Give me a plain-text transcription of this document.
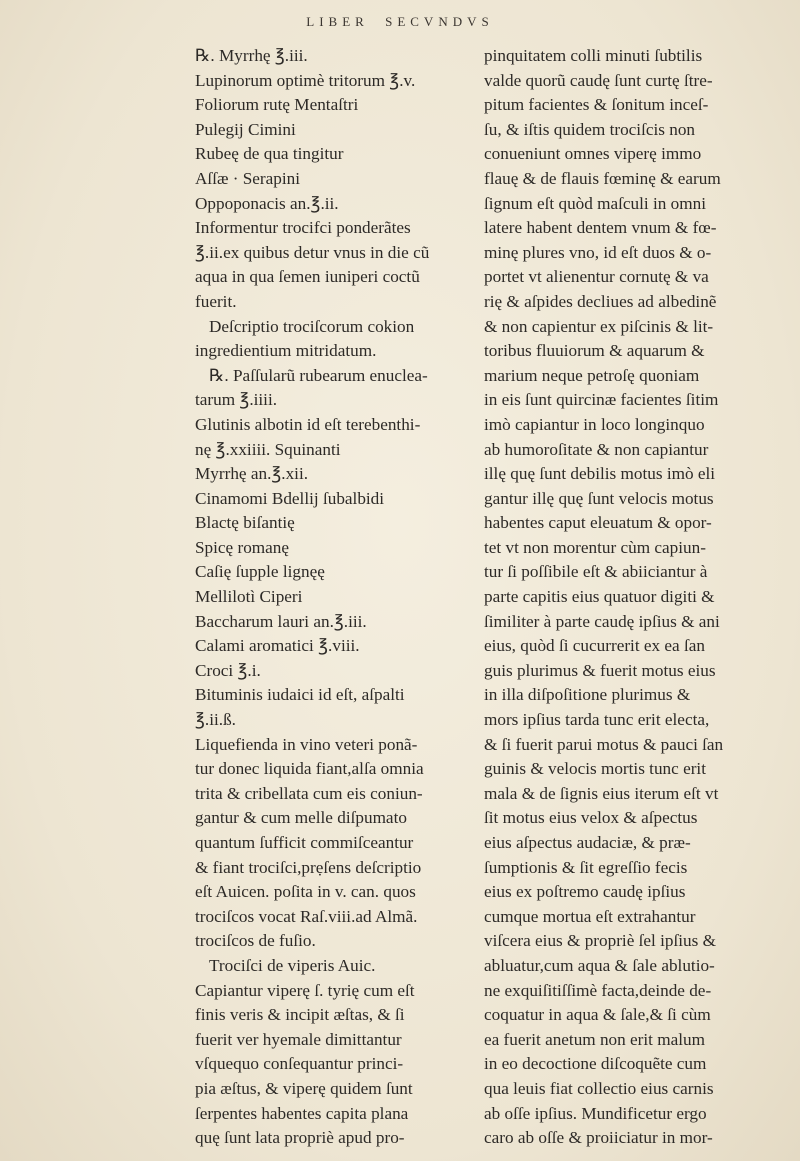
LIBER SECVNDVS
℞. Myrrhę ℥.iii.
Lupinorum optimè tritorum ℥.v.
Foliorum rutę Mentaſtri
Pulegij Cimini
Rubeę de qua tingitur
Aſſæ · Serapini
Oppoponacis an.℥.ii.
Informentur trocifci ponderãtes
℥.ii.ex quibus detur vnus in die cũ
aqua in qua ſemen iuniperi coctũ
fuerit.
Deſcriptio trociſcorum cokion
ingredientium mitridatum.
℞. Paſſularũ rubearum enuclea-
tarum ℥.iiii.
Glutinis albotin id eſt terebenthi-
nę ℥.xxiiii. Squinanti
Myrrhę an.℥.xii.
Cinamomi Bdellij ſubalbidi
Blactę biſantię
Spicę romanę
Caſię ſupple lignęę
Mellilotì Ciperi
Baccharum lauri an.℥.iii.
Calami aromatici ℥.viii.
Croci ℥.i.
Bituminis iudaici id eſt, aſpalti
℥.ii.ß.
Liquefienda in vino veteri ponã-
tur donec liquida fiant,alſa omnia
trita & cribellata cum eis coniun-
gantur & cum melle diſpumato
quantum ſufficit commiſceantur
& fiant trociſci,prẹſens deſcriptio
eſt Auicen. poſita in v. can. quos
trociſcos vocat Raſ.viii.ad Almã.
trociſcos de fuſio.
Trociſci de viperis Auic.
Capiantur viperę ſ. tyrię cum eſt
finis veris & incipit æſtas, & ſi
fuerit ver hyemale dimittantur
vſquequo conſequantur princi-
pia æſtus, & viperę quidem ſunt
ſerpentes habentes capita plana
quę ſunt lata propriè apud pro-
pinquitatem colli minuti ſubtilis
valde quorũ caudę ſunt curtę ſtre-
pitum facientes & ſonitum inceſ-
ſu, & iſtis quidem trociſcis non
conueniunt omnes viperę immo
flauę & de flauis fœminę & earum
ſignum eſt quòd maſculi in omni
latere habent dentem vnum & fœ-
minę plures vno, id eſt duos & o-
portet vt alienentur cornutę & va
rię & aſpides decliues ad albedinẽ
& non capientur ex piſcinis & lit-
toribus fluuiorum & aquarum &
marium neque petroſę quoniam
in eis ſunt quircinæ facientes ſitim
imò capiantur in loco longinquo
ab humoroſitate & non capiantur
illę quę ſunt debilis motus imò eli
gantur illę quę ſunt velocis motus
habentes caput eleuatum & opor-
tet vt non morentur cùm capiun-
tur ſi poſſibile eſt & abiiciantur à
parte capitis eius quatuor digiti &
ſimiliter à parte caudę ipſius & ani
eius, quòd ſi cucurrerit ex ea ſan
guis plurimus & fuerit motus eius
in illa diſpoſitione plurimus &
mors ipſius tarda tunc erit electa,
& ſi fuerit parui motus & pauci ſan
guinis & velocis mortis tunc erit
mala & de ſignis eius iterum eſt vt
ſit motus eius velox & aſpectus
eius aſpectus audaciæ, & præ-
ſumptionis & ſit egreſſio fecis
eius ex poſtremo caudę ipſius
cumque mortua eſt extrahantur
viſcera eius & propriè ſel ipſius &
abluatur,cum aqua & ſale ablutio-
ne exquiſitiſſimè facta,deinde de-
coquatur in aqua & ſale,& ſi cùm
ea fuerit anetum non erit malum
in eo decoctione diſcoquẽte cum
qua leuis fiat collectio eius carnis
ab oſſe ipſius. Mundificetur ergo
caro ab oſſe & proiiciatur in mor-
